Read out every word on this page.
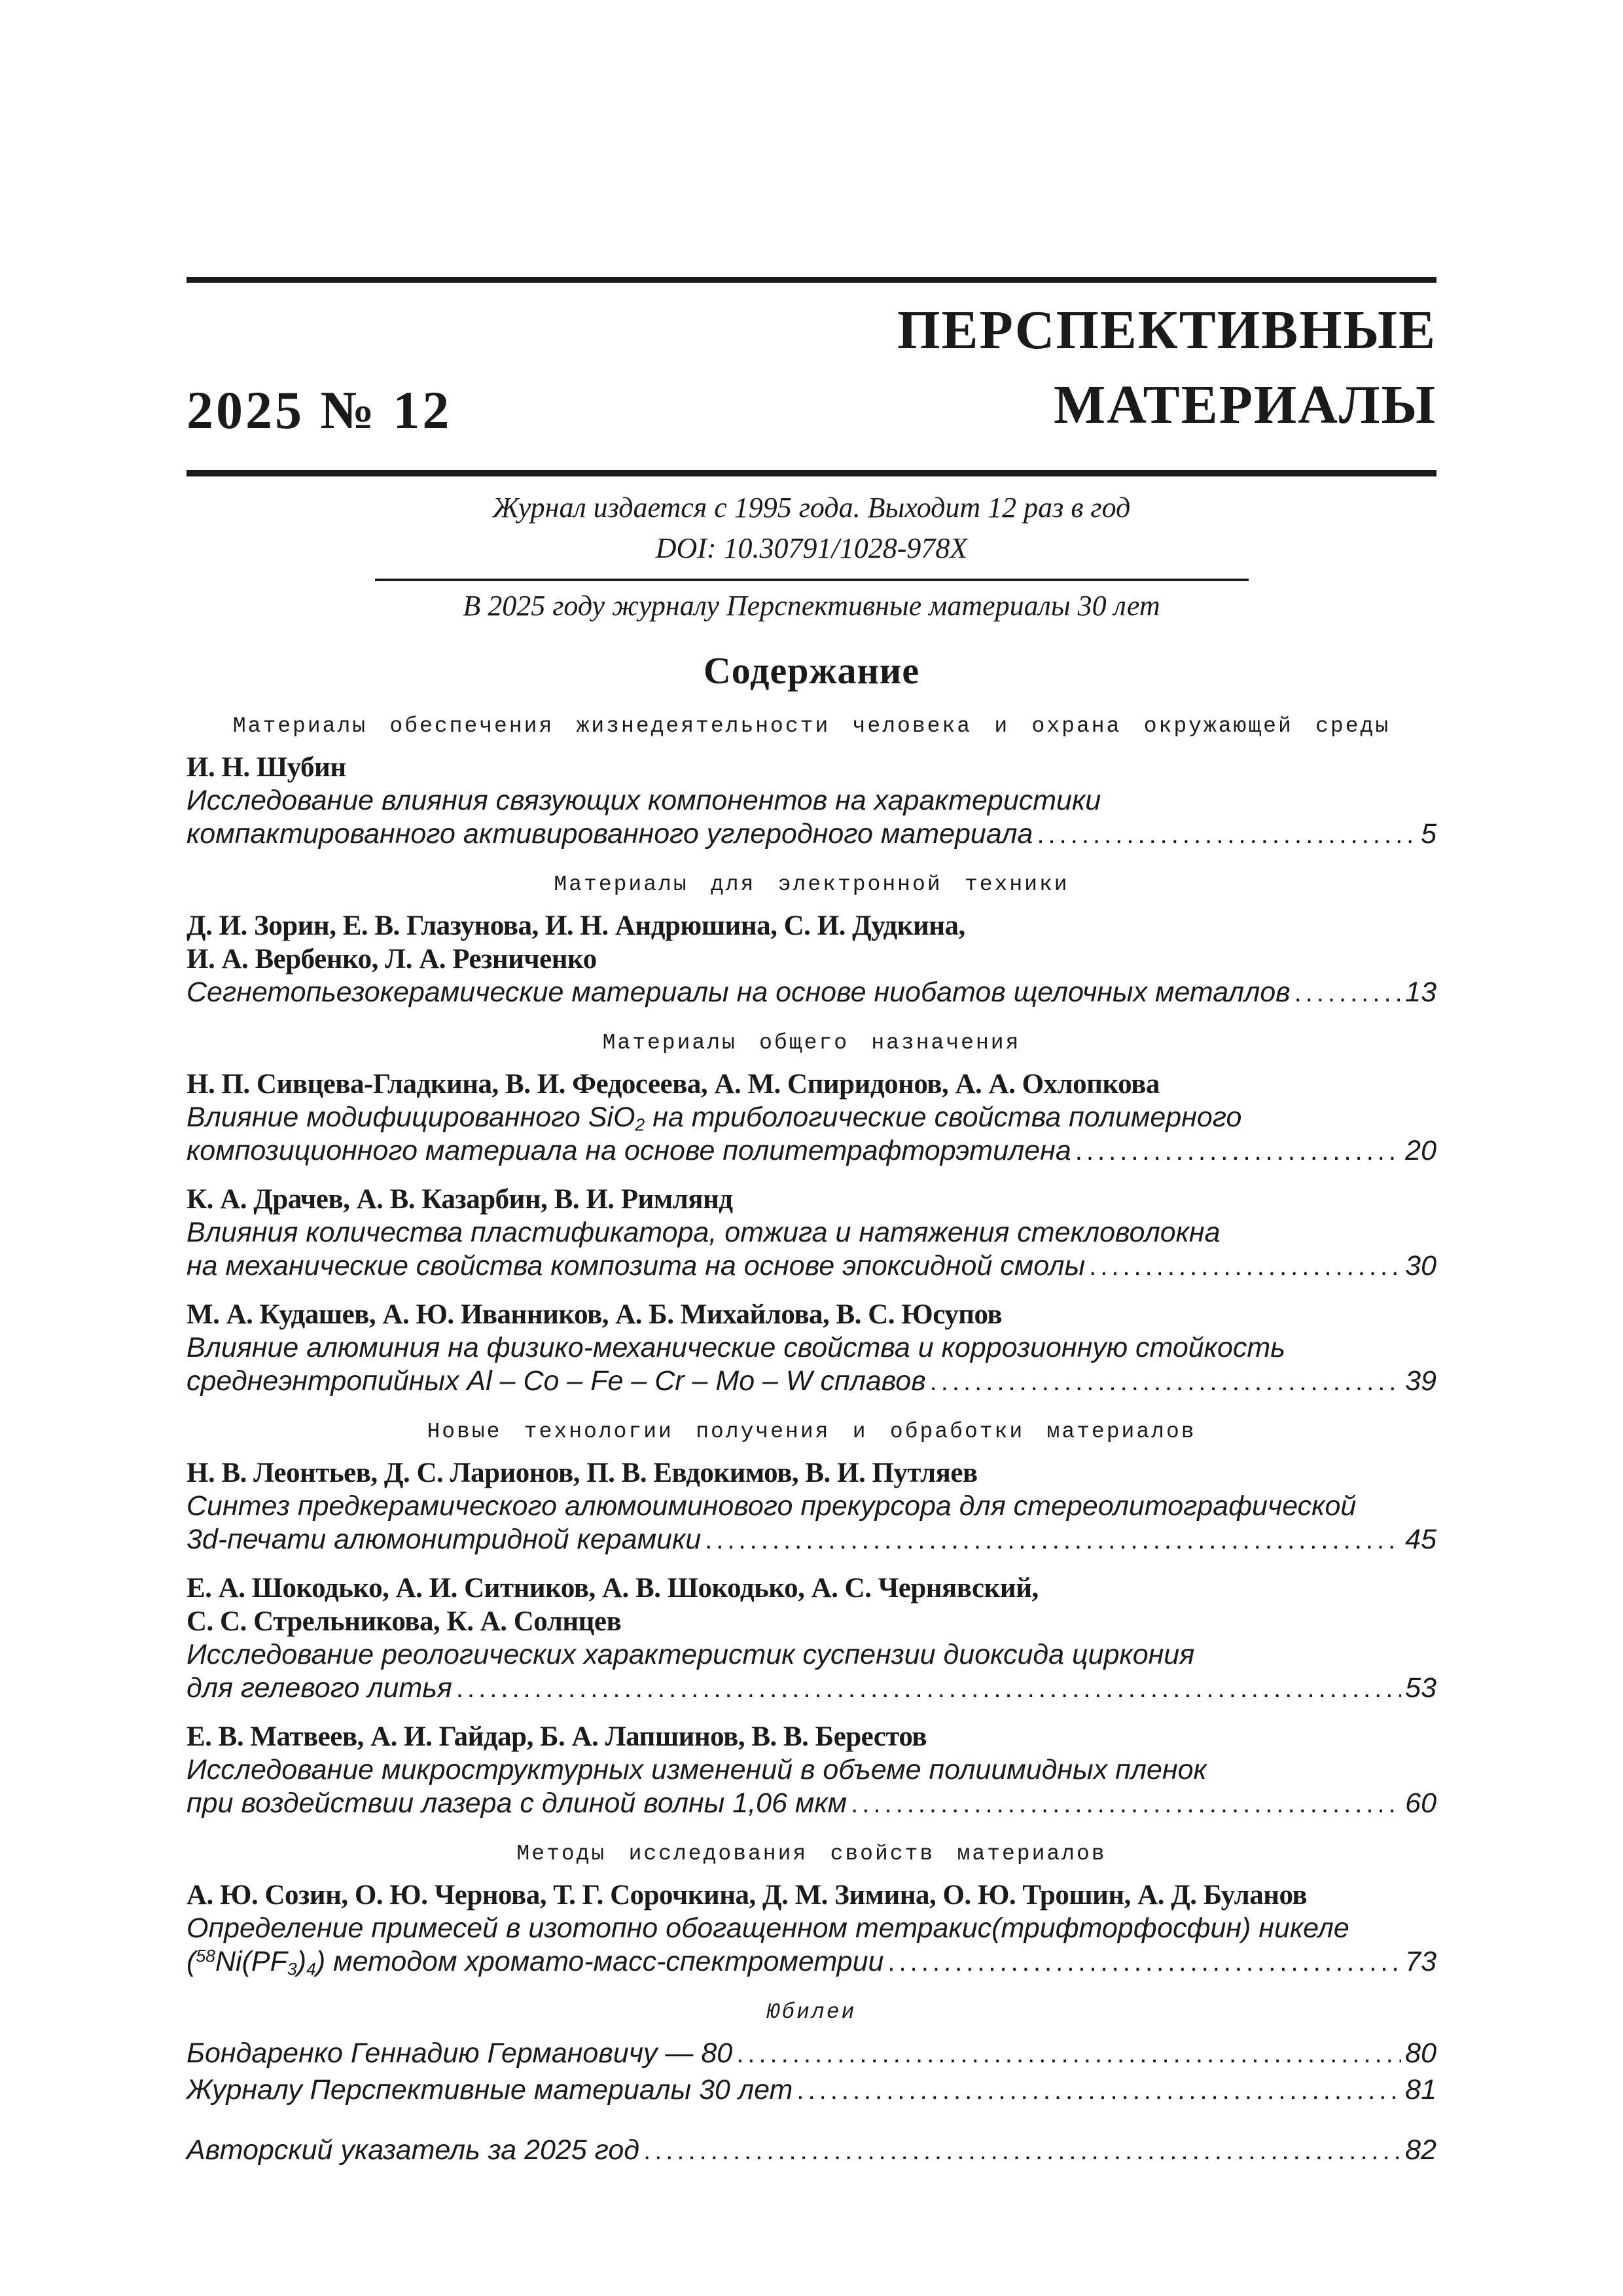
2025 № 12
ПЕРСПЕКТИВНЫЕ
МАТЕРИАЛЫ
Журнал издается с 1995 года. Выходит 12 раз в год
DOI: 10.30791/1028-978X
В 2025 году журналу Перспективные материалы 30 лет
Содержание
Материалы обеспечения жизнедеятельности человека и охрана окружающей среды
И. Н. Шубин
Исследование влияния связующих компонентов на характеристики
компактированного активированного углеродного материала .....	5
Материалы для электронной техники
Д. И. Зорин, Е. В. Глазунова, И. Н. Андрюшина, С. И. Дудкина,
И. А. Вербенко, Л. А. Резниченко
Сегнетопьезокерамические материалы на основе ниобатов щелочных металлов .....	13
Материалы общего назначения
Н. П. Сивцева-Гладкина, В. И. Федосеева, А. М. Спиридонов, А. А. Охлопкова
Влияние модифицированного SiO$_2$ на трибологические свойства полимерного
композиционного материала на основе политетрафторэтилена .....	20
К. А. Драчев, А. В. Казарбин, В. И. Римлянд
Влияния количества пластификатора, отжига и натяжения стекловолокна
на механические свойства композита на основе эпоксидной смолы .....	30
М. А. Кудашев, А. Ю. Иванников, А. Б. Михайлова, В. С. Юсупов
Влияние алюминия на физико-механические свойства и коррозионную стойкость
среднеэнтропийных Al – Co – Fe – Cr – Mo – W сплавов .....	39
Новые технологии получения и обработки материалов
Н. В. Леонтьев, Д. С. Ларионов, П. В. Евдокимов, В. И. Путляев
Синтез предкерамического алюмоиминового прекурсора для стереолитографической
3d-печати алюмонитридной керамики .....	45
Е. А. Шокодько, А. И. Ситников, А. В. Шокодько, А. С. Чернявский,
С. С. Стрельникова, К. А. Солнцев
Исследование реологических характеристик суспензии диоксида циркония
для гелевого литья .....	53
Е. В. Матвеев, А. И. Гайдар, Б. А. Лапшинов, В. В. Берестов
Исследование микроструктурных изменений в объеме полиимидных пленок
при воздействии лазера с длиной волны 1,06 мкм .....	60
Методы исследования свойств материалов
А. Ю. Созин, О. Ю. Чернова, Т. Г. Сорочкина, Д. М. Зимина, О. Ю. Трошин, А. Д. Буланов
Определение примесей в изотопно обогащенном тетракис(трифторфосфин) никеле
$(^{58}Ni(PF_3)_4)$ методом хромато-масс-спектрометрии .....	73
Юбилеи
Бондаренко Геннадию Германовичу — 80 .....	80
Журналу Перспективные материалы 30 лет .....	81
Авторский указатель за 2025 год .....	82
